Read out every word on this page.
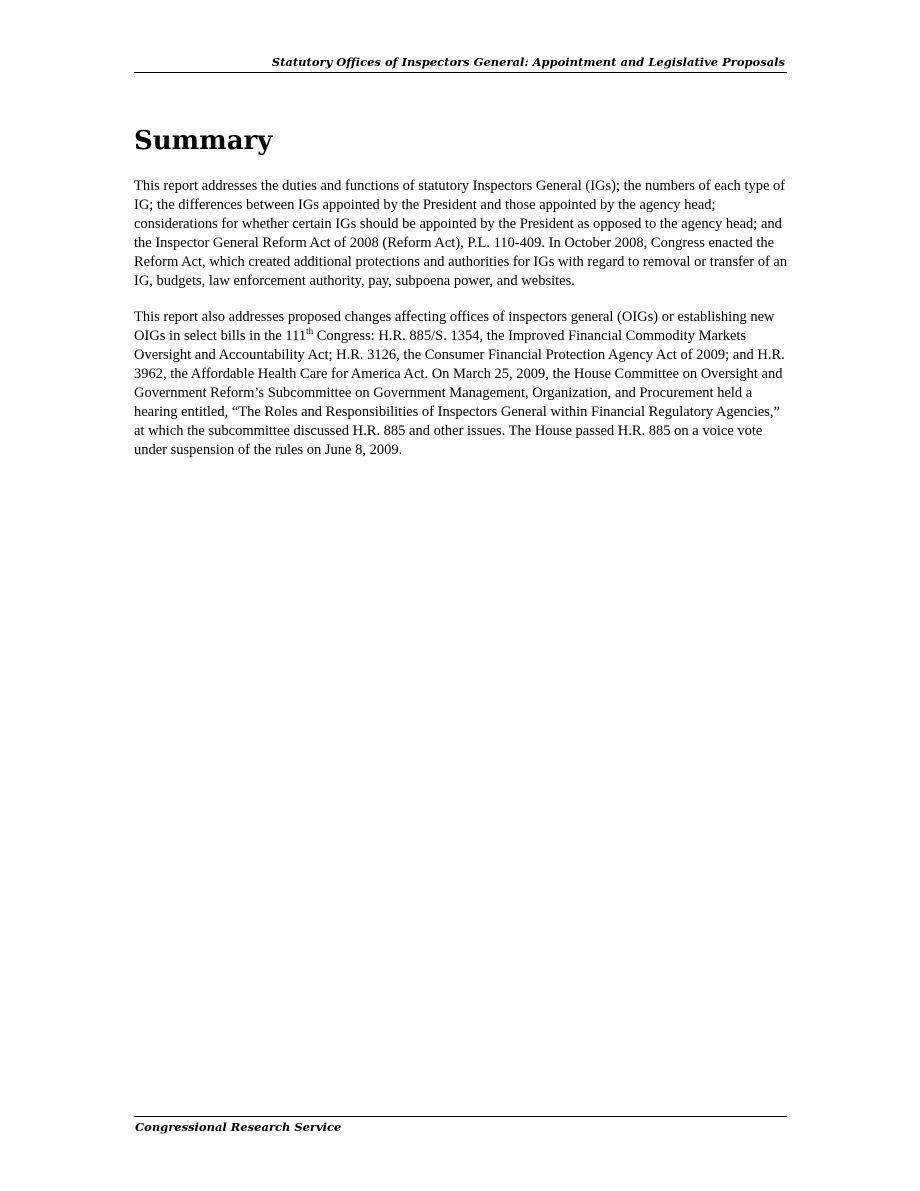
Statutory Offices of Inspectors General: Appointment and Legislative Proposals
Summary

This report addresses the duties and functions of statutory Inspectors General (IGs); the numbers of each type of IG; the differences between IGs appointed by the President and those appointed by the agency head; considerations for whether certain IGs should be appointed by the President as opposed to the agency head; and the Inspector General Reform Act of 2008 (Reform Act), P.L. 110-409. In October 2008, Congress enacted the Reform Act, which created additional protections and authorities for IGs with regard to removal or transfer of an IG, budgets, law enforcement authority, pay, subpoena power, and websites.

This report also addresses proposed changes affecting offices of inspectors general (OIGs) or establishing new OIGs in select bills in the 111th Congress: H.R. 885/S. 1354, the Improved Financial Commodity Markets Oversight and Accountability Act; H.R. 3126, the Consumer Financial Protection Agency Act of 2009; and H.R. 3962, the Affordable Health Care for America Act. On March 25, 2009, the House Committee on Oversight and Government Reform’s Subcommittee on Government Management, Organization, and Procurement held a hearing entitled, “The Roles and Responsibilities of Inspectors General within Financial Regulatory Agencies,” at which the subcommittee discussed H.R. 885 and other issues. The House passed H.R. 885 on a voice vote under suspension of the rules on June 8, 2009.

Congressional Research Service
